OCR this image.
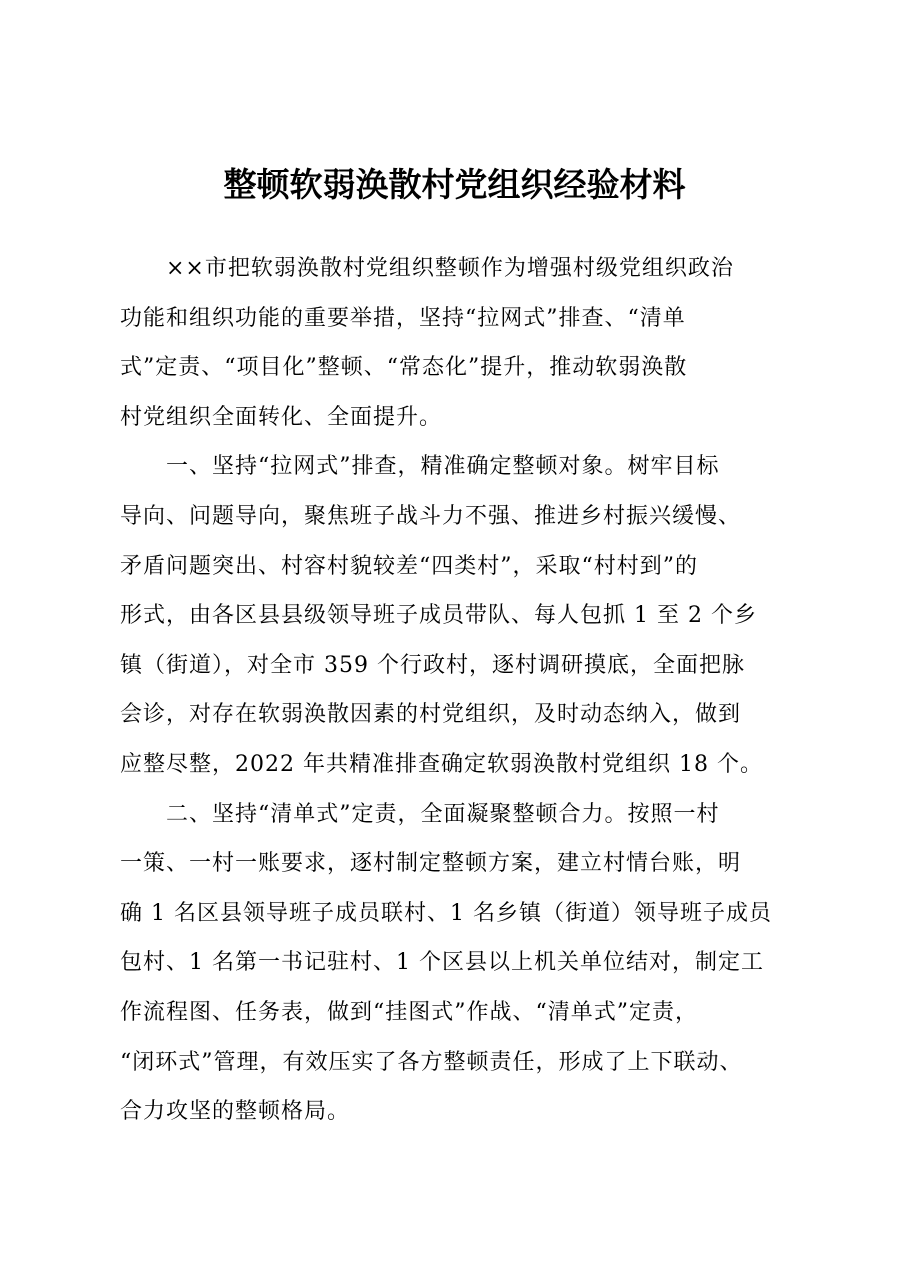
整顿软弱涣散村党组织经验材料
　　××市把软弱涣散村党组织整顿作为增强村级党组织政治
功能和组织功能的重要举措，坚持“拉网式”排查、“清单
式”定责、“项目化”整顿、“常态化”提升，推动软弱涣散
村党组织全面转化、全面提升。
　　一、坚持“拉网式”排查，精准确定整顿对象。树牢目标
导向、问题导向，聚焦班子战斗力不强、推进乡村振兴缓慢、
矛盾问题突出、村容村貌较差“四类村”，采取“村村到”的
形式，由各区县县级领导班子成员带队、每人包抓 1 至 2 个乡
镇（街道），对全市 359 个行政村，逐村调研摸底，全面把脉
会诊，对存在软弱涣散因素的村党组织，及时动态纳入，做到
应整尽整，2022 年共精准排查确定软弱涣散村党组织 18 个。
　　二、坚持“清单式”定责，全面凝聚整顿合力。按照一村
一策、一村一账要求，逐村制定整顿方案，建立村情台账，明
确 1 名区县领导班子成员联村、1 名乡镇（街道）领导班子成员
包村、1 名第一书记驻村、1 个区县以上机关单位结对，制定工
作流程图、任务表，做到“挂图式”作战、“清单式”定责，
“闭环式”管理，有效压实了各方整顿责任，形成了上下联动、
合力攻坚的整顿格局。
